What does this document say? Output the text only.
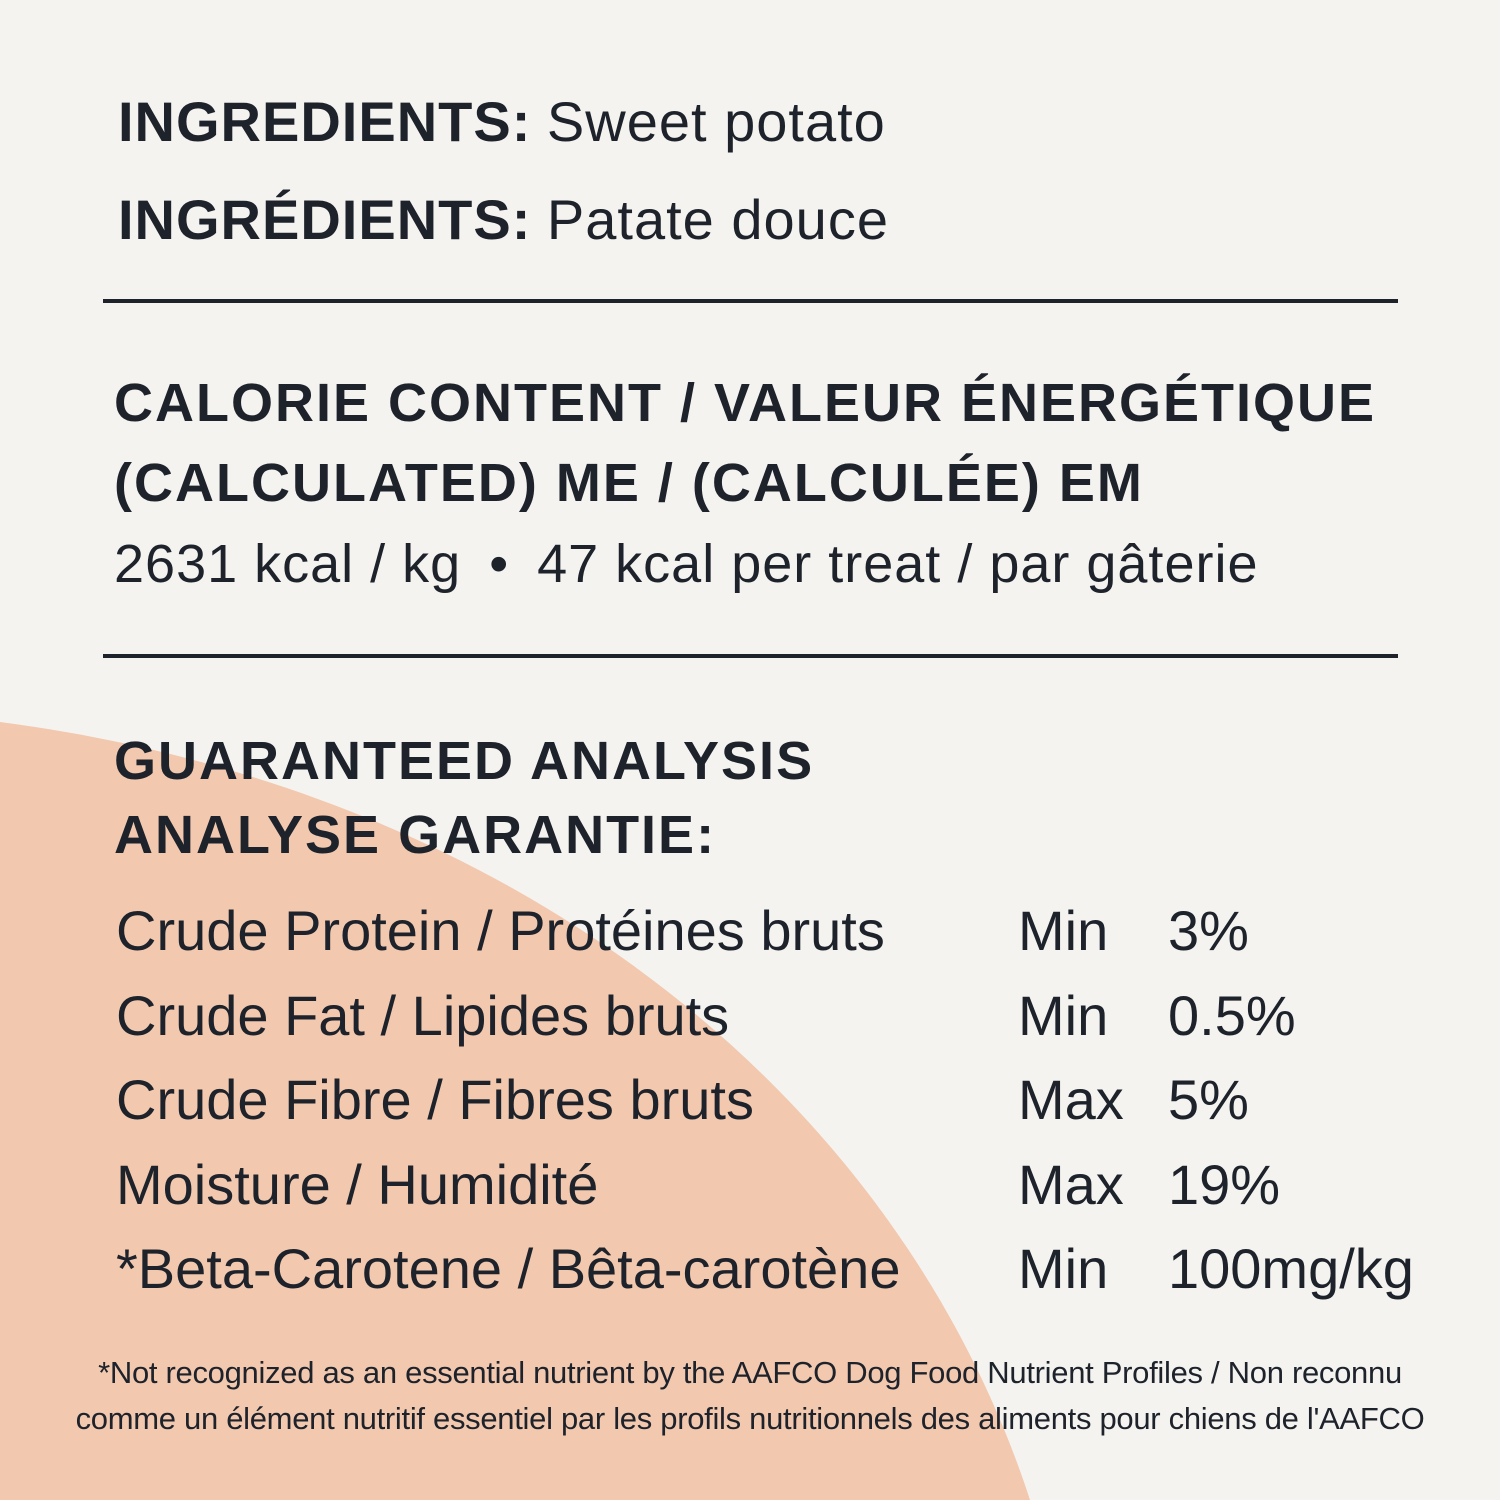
INGREDIENTS: Sweet potato
INGRÉDIENTS: Patate douce
CALORIE CONTENT / VALEUR ÉNERGÉTIQUE
(CALCULATED) ME / (CALCULÉE) EM
2631 kcal / kg • 47 kcal per treat / par gâterie
GUARANTEED ANALYSIS
ANALYSE GARANTIE:
Crude Protein / Protéines bruts Min 3%
Crude Fat / Lipides bruts	Min 0.5%
Crude Fibre / Fibres bruts	Max 5%
Moisture / Humidité	Max 19%
*Beta-Carotene / Bêta-carotène Min 100mg/kg
*Not recognized as an essential nutrient by the AAFCO Dog Food Nutrient Profiles / Non reconnu
comme un élément nutritif essentiel par les profils nutritionnels des aliments pour chiens de l'AAFCO
